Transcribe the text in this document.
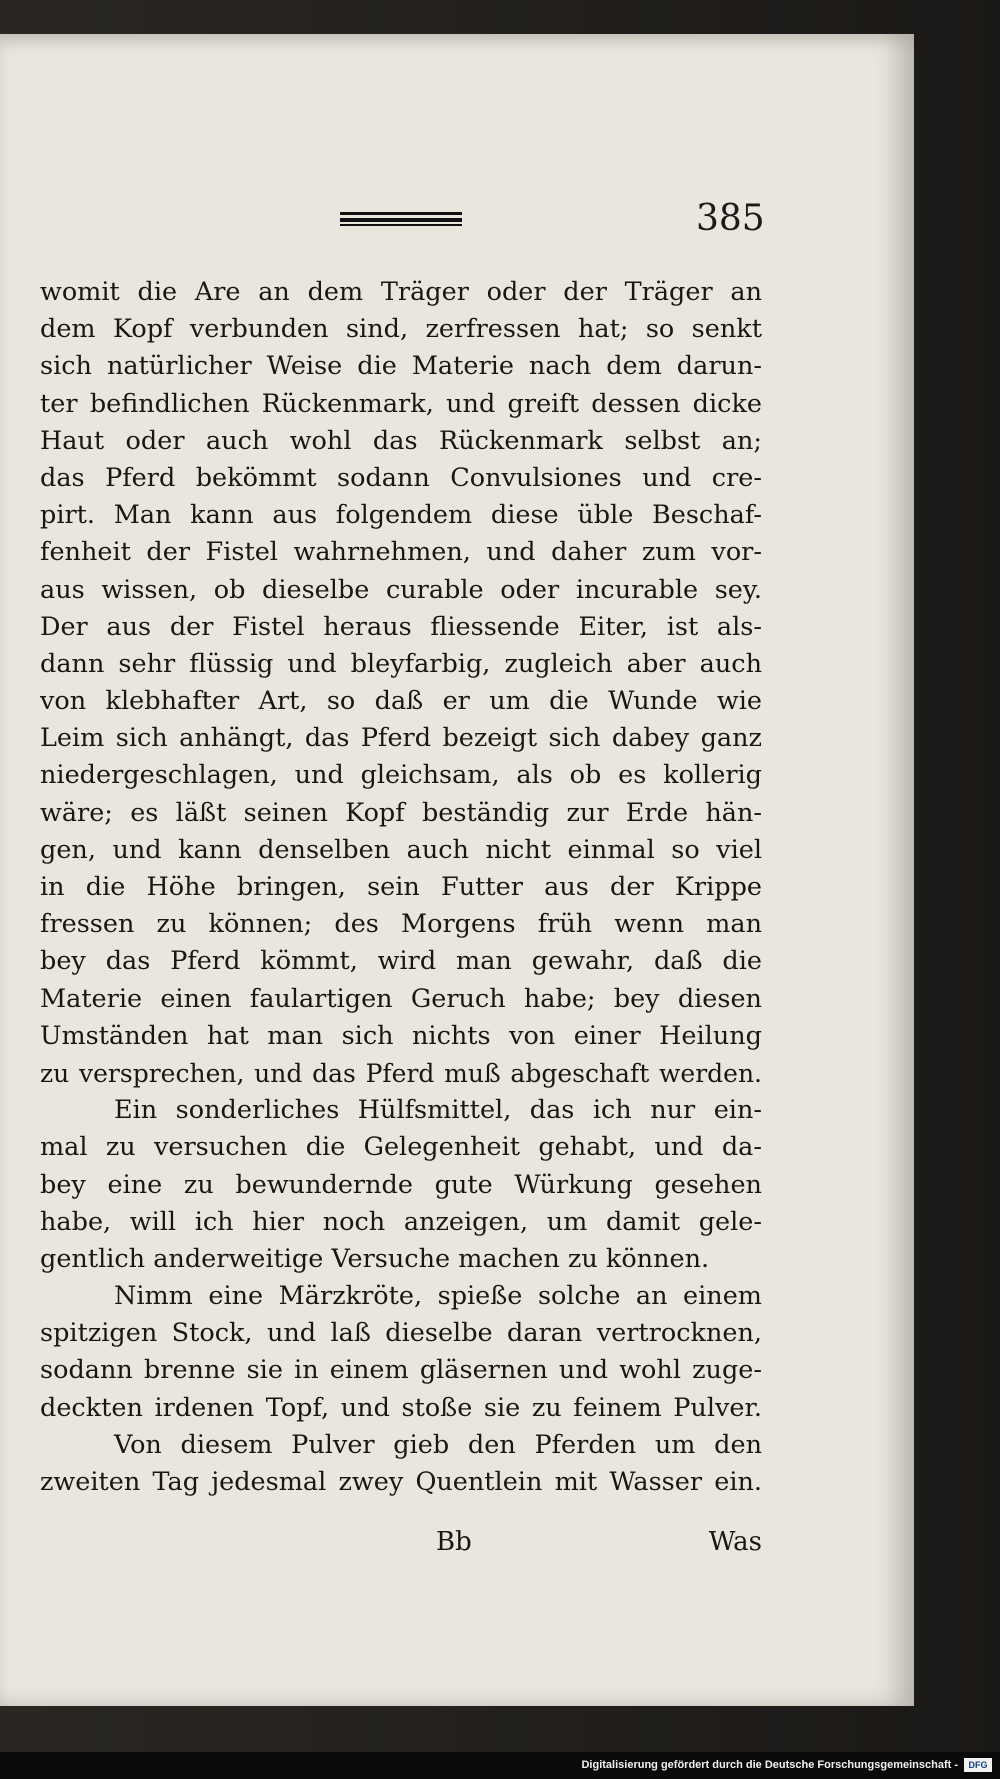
385
womit die Are an dem Träger oder der Träger an
dem Kopf verbunden sind, zerfressen hat; so senkt
sich natürlicher Weise die Materie nach dem darun-
ter befindlichen Rückenmark, und greift dessen dicke
Haut oder auch wohl das Rückenmark selbst an;
das Pferd bekömmt sodann Convulsiones und cre-
pirt. Man kann aus folgendem diese üble Beschaf-
fenheit der Fistel wahrnehmen, und daher zum vor-
aus wissen, ob dieselbe curable oder incurable sey.
Der aus der Fistel heraus fliessende Eiter, ist als-
dann sehr flüssig und bleyfarbig, zugleich aber auch
von klebhafter Art, so daß er um die Wunde wie
Leim sich anhängt, das Pferd bezeigt sich dabey ganz
niedergeschlagen, und gleichsam, als ob es kollerig
wäre; es läßt seinen Kopf beständig zur Erde hän-
gen, und kann denselben auch nicht einmal so viel
in die Höhe bringen, sein Futter aus der Krippe
fressen zu können; des Morgens früh wenn man
bey das Pferd kömmt, wird man gewahr, daß die
Materie einen faulartigen Geruch habe; bey diesen
Umständen hat man sich nichts von einer Heilung
zu versprechen, und das Pferd muß abgeschaft werden.
Ein sonderliches Hülfsmittel, das ich nur ein-
mal zu versuchen die Gelegenheit gehabt, und da-
bey eine zu bewundernde gute Würkung gesehen
habe, will ich hier noch anzeigen, um damit gele-
gentlich anderweitige Versuche machen zu können.
Nimm eine Märzkröte, spieße solche an einem
spitzigen Stock, und laß dieselbe daran vertrocknen,
sodann brenne sie in einem gläsernen und wohl zuge-
deckten irdenen Topf, und stoße sie zu feinem Pulver.
Von diesem Pulver gieb den Pferden um den
zweiten Tag jedesmal zwey Quentlein mit Wasser ein.
Bb	Was
Digitalisierung gefördert durch die Deutsche Forschungsgemeinschaft -	DFG
